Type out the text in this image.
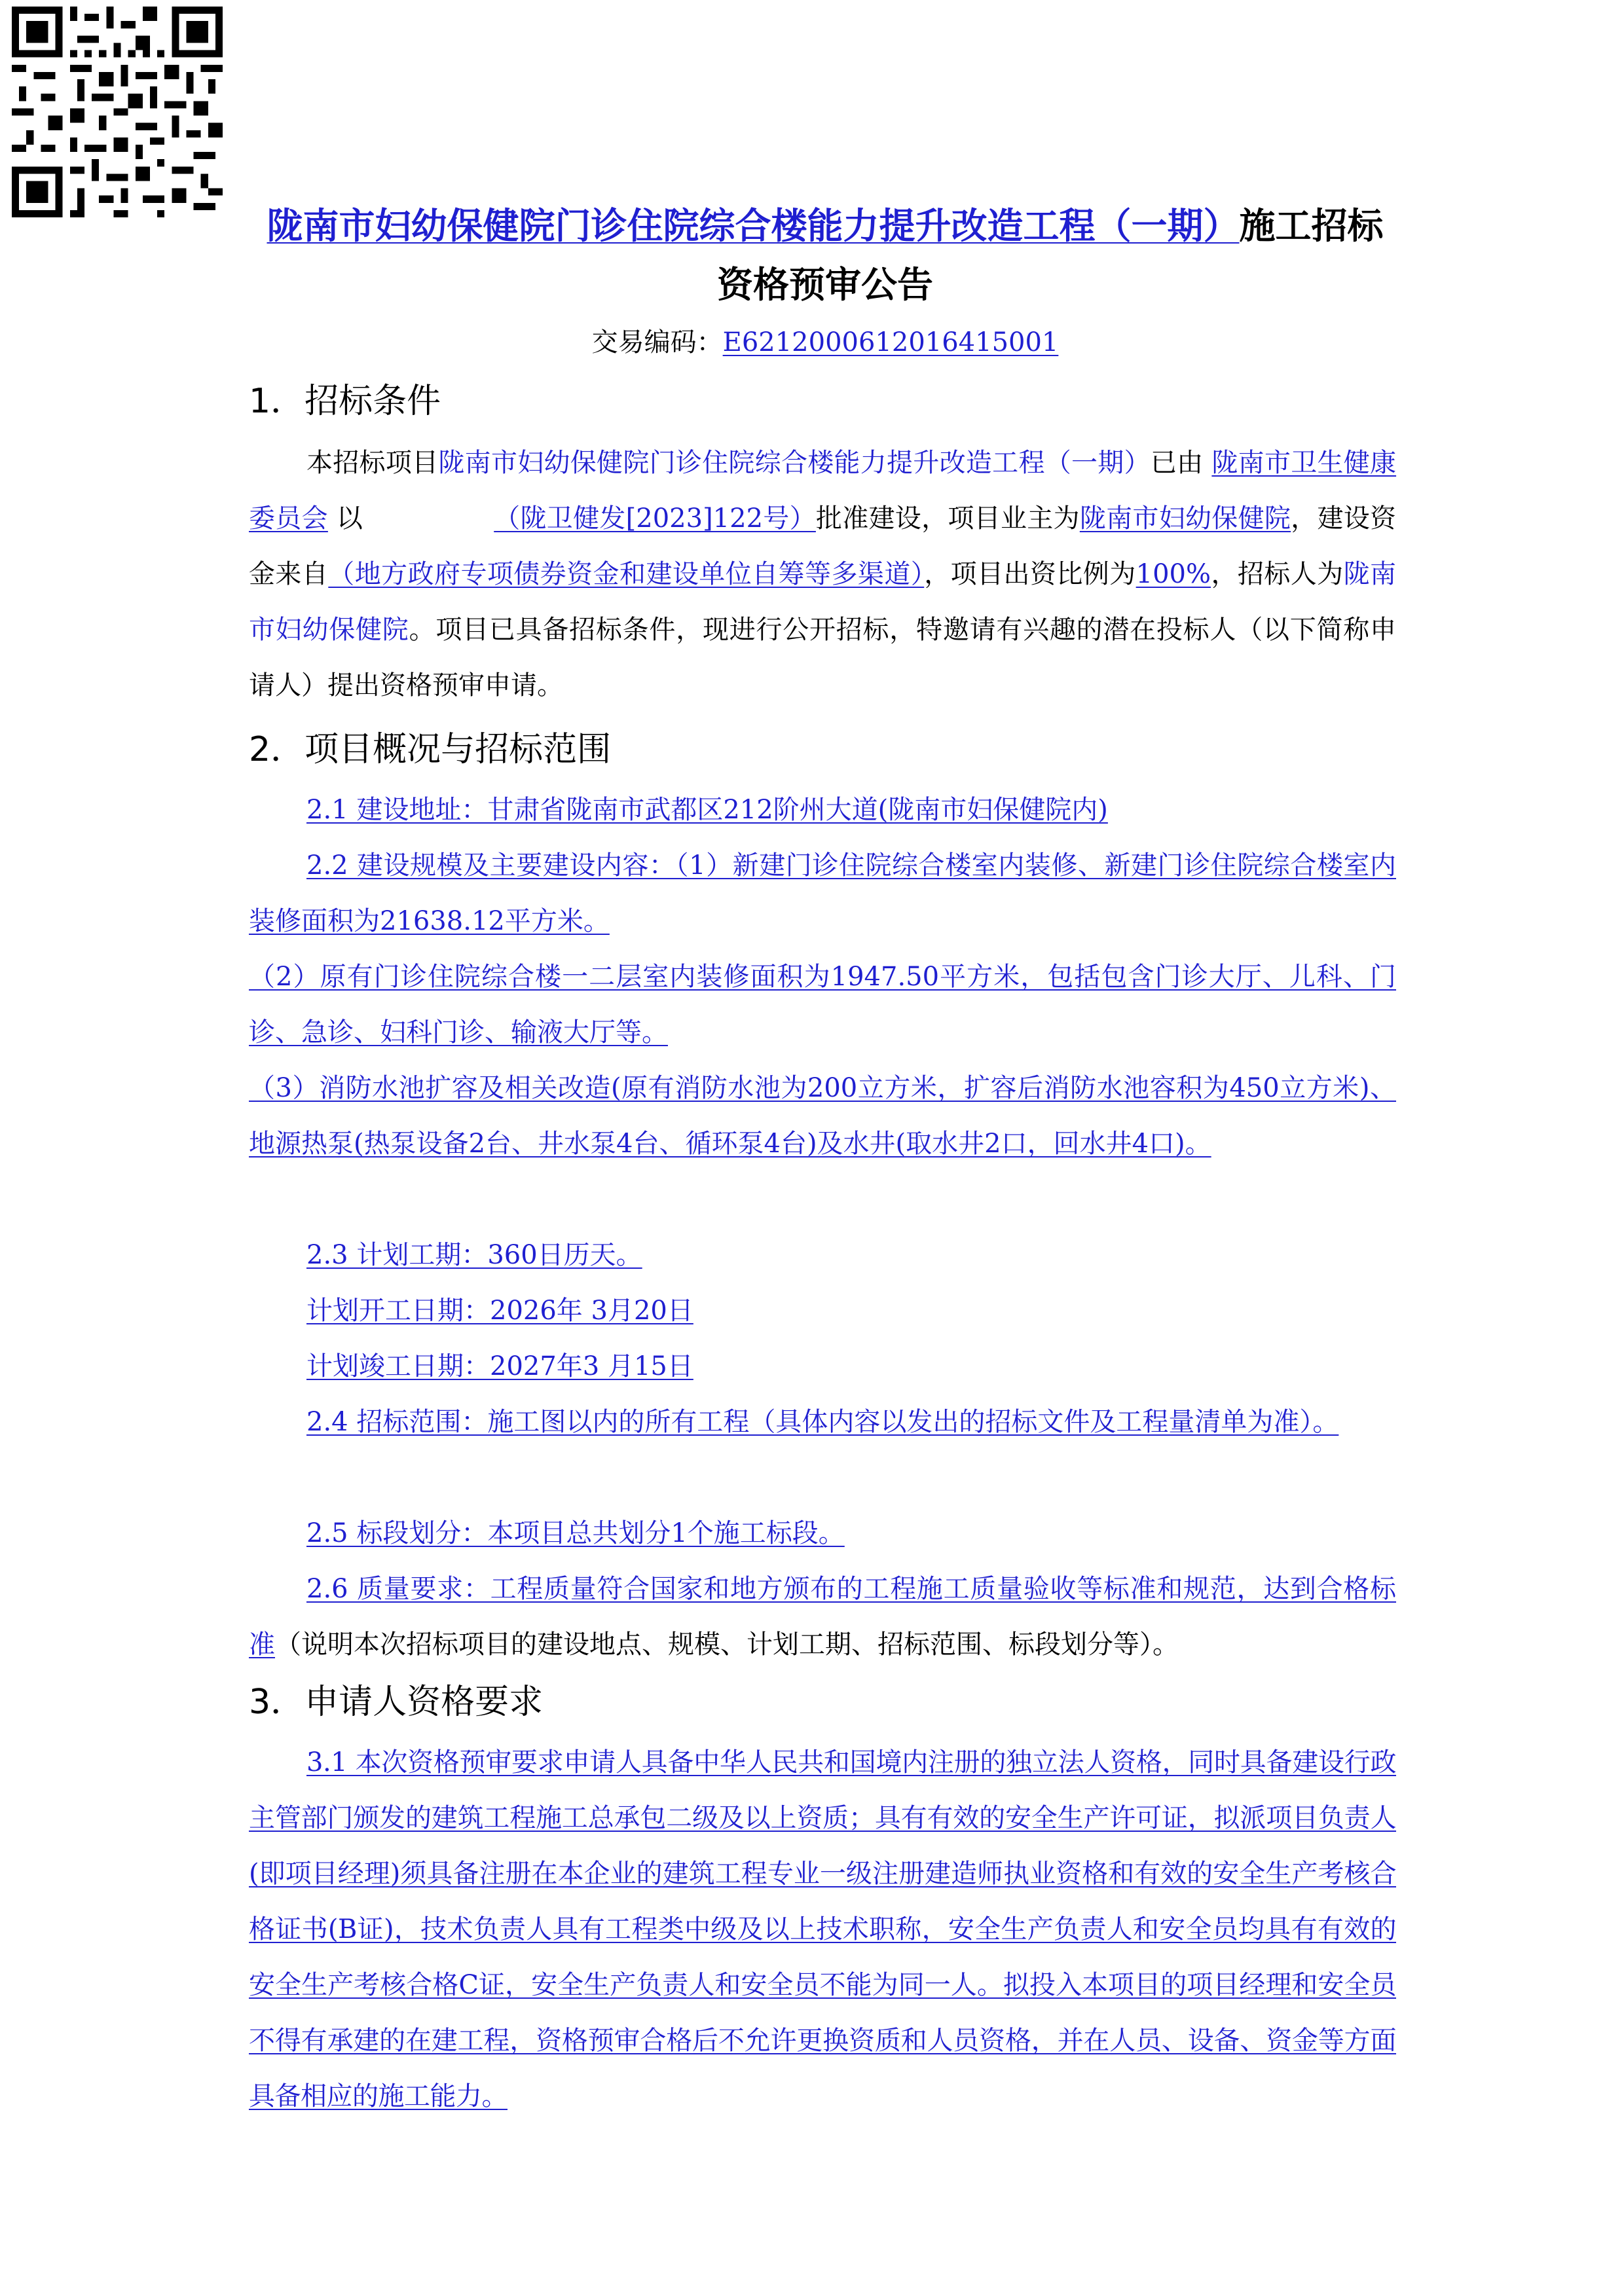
陇南市妇幼保健院门诊住院综合楼能力提升改造工程（一期）施工招标资格预审公告
交易编码：E6212000612016415001
1．招标条件

本招标项目陇南市妇幼保健院门诊住院综合楼能力提升改造工程（一期）已由 陇南市卫生健康委员会 以	（陇卫健发[2023]122号）批准建设，项目业主为陇南市妇幼保健院，建设资金来自（地方政府专项债券资金和建设单位自筹等多渠道），项目出资比例为100%，招标人为陇南市妇幼保健院。项目已具备招标条件，现进行公开招标，特邀请有兴趣的潜在投标人（以下简称申请人）提出资格预审申请。

2．项目概况与招标范围
2.1 建设地址：甘肃省陇南市武都区212阶州大道(陇南市妇保健院内)

2.2 建设规模及主要建设内容：（1）新建门诊住院综合楼室内装修、新建门诊住院综合楼室内装修面积为21638.12平方米。

（2）原有门诊住院综合楼一二层室内装修面积为1947.50平方米，包括包含门诊大厅、儿科、门诊、急诊、妇科门诊、输液大厅等。

（3）消防水池扩容及相关改造(原有消防水池为200立方米，扩容后消防水池容积为450立方米)、地源热泵(热泵设备2台、井水泵4台、循环泵4台)及水井(取水井2口，回水井4口)。

2.3 计划工期：360日历天。
计划开工日期：2026年 3月20日
计划竣工日期：2027年3 月15日

2.4 招标范围：施工图以内的所有工程（具体内容以发出的招标文件及工程量清单为准）。

2.5 标段划分：本项目总共划分1个施工标段。

2.6 质量要求：工程质量符合国家和地方颁布的工程施工质量验收等标准和规范，达到合格标准（说明本次招标项目的建设地点、规模、计划工期、招标范围、标段划分等）。

3．申请人资格要求

3.1 本次资格预审要求申请人具备中华人民共和国境内注册的独立法人资格，同时具备建设行政主管部门颁发的建筑工程施工总承包二级及以上资质；具有有效的安全生产许可证，拟派项目负责人(即项目经理)须具备注册在本企业的建筑工程专业一级注册建造师执业资格和有效的安全生产考核合格证书(B证)，技术负责人具有工程类中级及以上技术职称，安全生产负责人和安全员均具有有效的安全生产考核合格C证，安全生产负责人和安全员不能为同一人。拟投入本项目的项目经理和安全员不得有承建的在建工程，资格预审合格后不允许更换资质和人员资格，并在人员、设备、资金等方面具备相应的施工能力。
